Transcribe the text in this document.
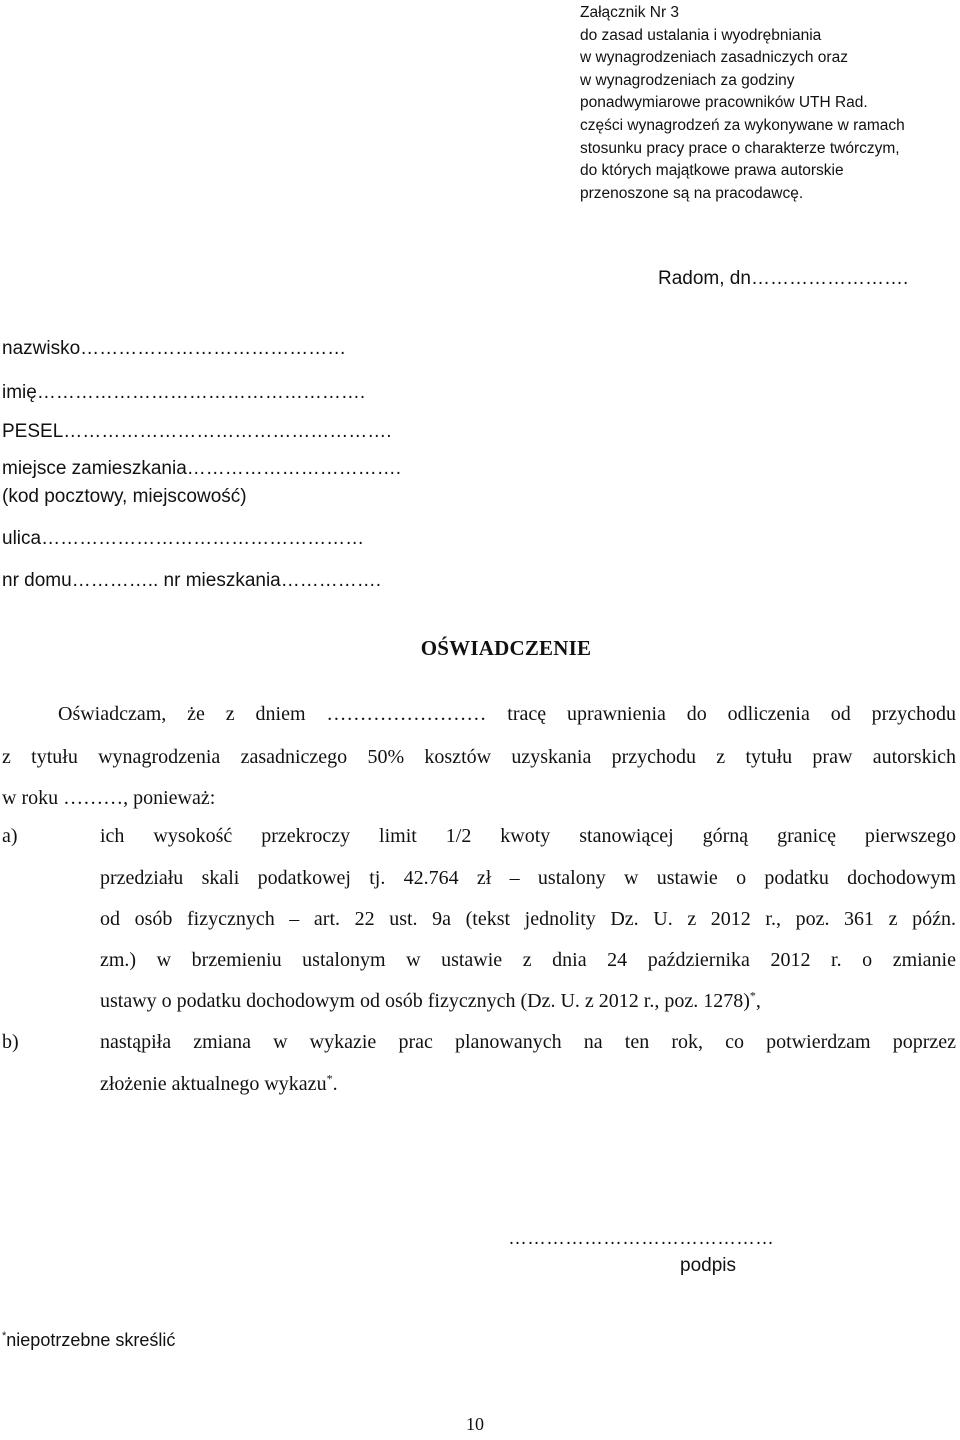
Załącznik Nr 3
do zasad ustalania i wyodrębniania
w wynagrodzeniach zasadniczych oraz
w wynagrodzeniach za godziny
ponadwymiarowe pracowników UTH Rad.
części wynagrodzeń za wykonywane w ramach
stosunku pracy prace o charakterze twórczym,
do których majątkowe prawa autorskie
przenoszone są na pracodawcę.
Radom, dn…………………….
nazwisko……………………………………
imię…………………………………………….
PESEL…………………………………………….
miejsce zamieszkania…………………………….
(kod pocztowy, miejscowość)
ulica……………………………………………
nr domu………….. nr mieszkania…………….
OŚWIADCZENIE
Oświadczam, że z dniem …………………… tracę uprawnienia do odliczenia od przychodu
z tytułu wynagrodzenia zasadniczego 50% kosztów uzyskania przychodu z tytułu praw autorskich
w roku ………, ponieważ:
a)	ich wysokość przekroczy limit 1/2 kwoty stanowiącej górną granicę pierwszego
przedziału skali podatkowej tj. 42.764 zł – ustalony w ustawie o podatku dochodowym
od osób fizycznych – art. 22 ust. 9a (tekst jednolity Dz. U. z 2012 r., poz. 361 z późn.
zm.) w brzemieniu ustalonym w ustawie z dnia 24 października 2012 r. o zmianie
ustawy o podatku dochodowym od osób fizycznych (Dz. U. z 2012 r., poz. 1278)*,
b)	nastąpiła zmiana w wykazie prac planowanych na ten rok, co potwierdzam poprzez
złożenie aktualnego wykazu*.
……………………………………
podpis
*niepotrzebne skreślić
10
